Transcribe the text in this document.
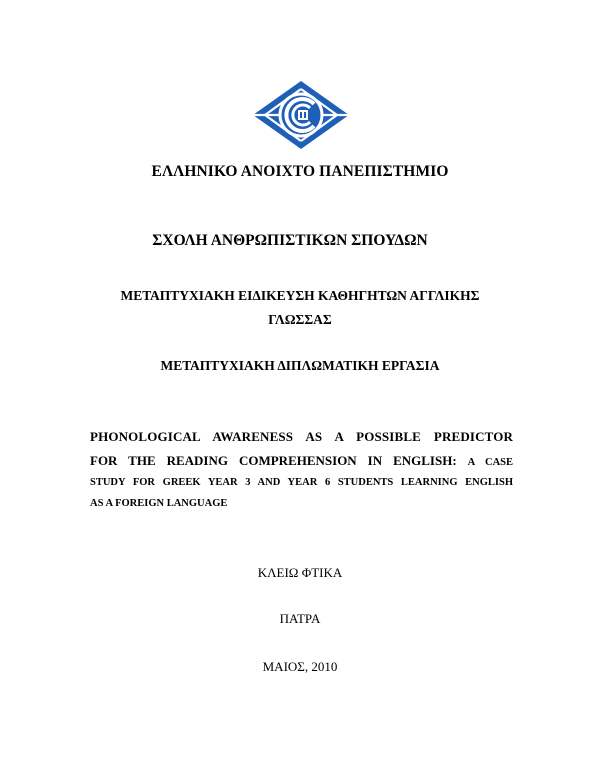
ΕΛΛΗΝΙΚΟ ΑΝΟΙΧΤΟ ΠΑΝΕΠΙΣΤΗΜΙΟ
ΣΧΟΛΗ ΑΝΘΡΩΠΙΣΤΙΚΩΝ ΣΠΟΥΔΩΝ
ΜΕΤΑΠΤΥΧΙΑΚΗ ΕΙΔΙΚΕΥΣΗ ΚΑΘΗΓΗΤΩΝ ΑΓΓΛΙΚΗΣ
ΓΛΩΣΣΑΣ
ΜΕΤΑΠΤΥΧΙΑΚΗ ΔΙΠΛΩΜΑΤΙΚΗ ΕΡΓΑΣΙΑ
PHONOLOGICAL AWARENESS AS A POSSIBLE PREDICTOR
FOR THE READING COMPREHENSION IN ENGLISH: A CASE
STUDY FOR GREEK YEAR 3 AND YEAR 6 STUDENTS LEARNING ENGLISH
AS A FOREIGN LANGUAGE
ΚΛΕΙΩ ΦΤΙΚΑ
ΠΑΤΡΑ
ΜΑΙΟΣ, 2010
